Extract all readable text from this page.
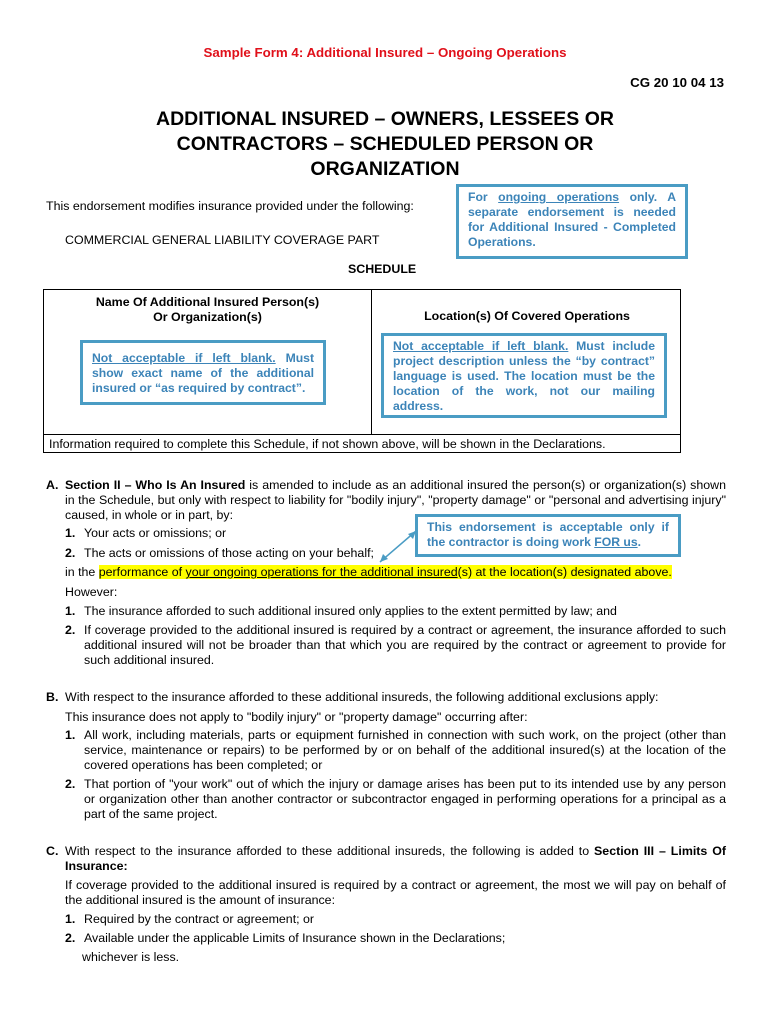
Sample Form 4: Additional Insured – Ongoing Operations
CG 20 10 04 13
ADDITIONAL INSURED – OWNERS, LESSEES OR
CONTRACTORS – SCHEDULED PERSON OR
ORGANIZATION
This endorsement modifies insurance provided under the following:
COMMERCIAL GENERAL LIABILITY COVERAGE PART
For ongoing operations only. A separate endorsement is needed for Additional Insured - Completed Operations.
SCHEDULE
Name Of Additional Insured Person(s)
Or Organization(s)	Location(s) Of Covered Operations
Information required to complete this Schedule, if not shown above, will be shown in the Declarations.
Not acceptable if left blank. Must show exact name of the additional insured or “as required by contract”.
Not acceptable if left blank. Must include project description unless the “by contract” language is used. The location must be the location of the work, not our mailing address.
A. Section II – Who Is An Insured is amended to include as an additional insured the person(s) or organization(s) shown in the Schedule, but only with respect to liability for "bodily injury", "property damage" or "personal and advertising injury" caused, in whole or in part, by:
1. Your acts or omissions; or
2. The acts or omissions of those acting on your behalf;
This endorsement is acceptable only if the contractor is doing work FOR us.
in the performance of your ongoing operations for the additional insured(s) at the location(s) designated above.
However:
1. The insurance afforded to such additional insured only applies to the extent permitted by law; and
2. If coverage provided to the additional insured is required by a contract or agreement, the insurance afforded to such additional insured will not be broader than that which you are required by the contract or agreement to provide for such additional insured.
B. With respect to the insurance afforded to these additional insureds, the following additional exclusions apply:
This insurance does not apply to "bodily injury" or "property damage" occurring after:
1. All work, including materials, parts or equipment furnished in connection with such work, on the project (other than service, maintenance or repairs) to be performed by or on behalf of the additional insured(s) at the location of the covered operations has been completed; or
2. That portion of "your work" out of which the injury or damage arises has been put to its intended use by any person or organization other than another contractor or subcontractor engaged in performing operations for a principal as a part of the same project.
C. With respect to the insurance afforded to these additional insureds, the following is added to Section III – Limits Of Insurance:
If coverage provided to the additional insured is required by a contract or agreement, the most we will pay on behalf of the additional insured is the amount of insurance:
1. Required by the contract or agreement; or
2. Available under the applicable Limits of Insurance shown in the Declarations;
whichever is less.
